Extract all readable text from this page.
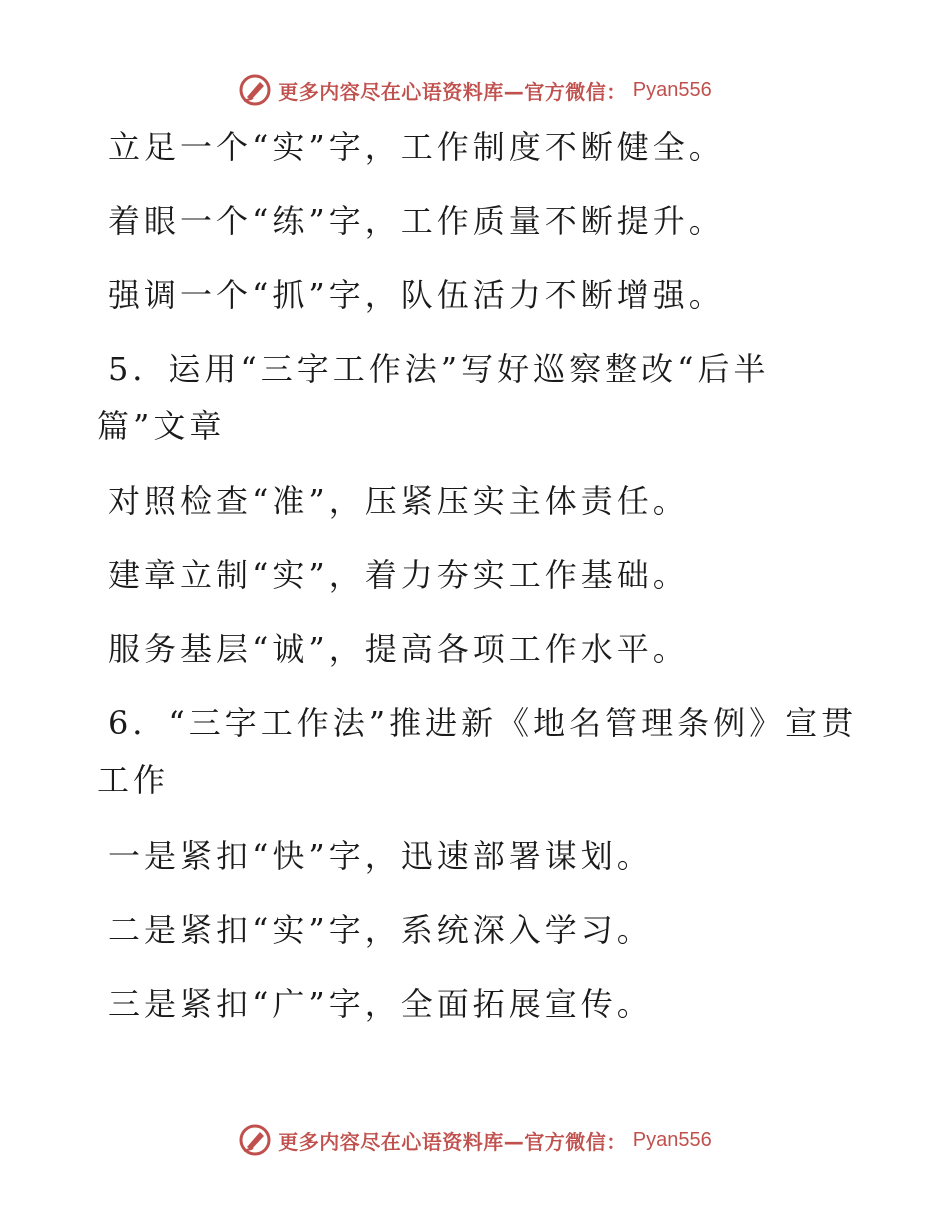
更多内容尽在心语资料库—官方微信： Pyan556
立足一个“实”字，工作制度不断健全。
着眼一个“练”字，工作质量不断提升。
强调一个“抓”字，队伍活力不断增强。
5．运用“三字工作法”写好巡察整改“后半
篇”文章
对照检查“准”，压紧压实主体责任。
建章立制“实”，着力夯实工作基础。
服务基层“诚”，提高各项工作水平。
6．“三字工作法”推进新《地名管理条例》宣贯
工作
一是紧扣“快”字，迅速部署谋划。
二是紧扣“实”字，系统深入学习。
三是紧扣“广”字，全面拓展宣传。
更多内容尽在心语资料库—官方微信： Pyan556
